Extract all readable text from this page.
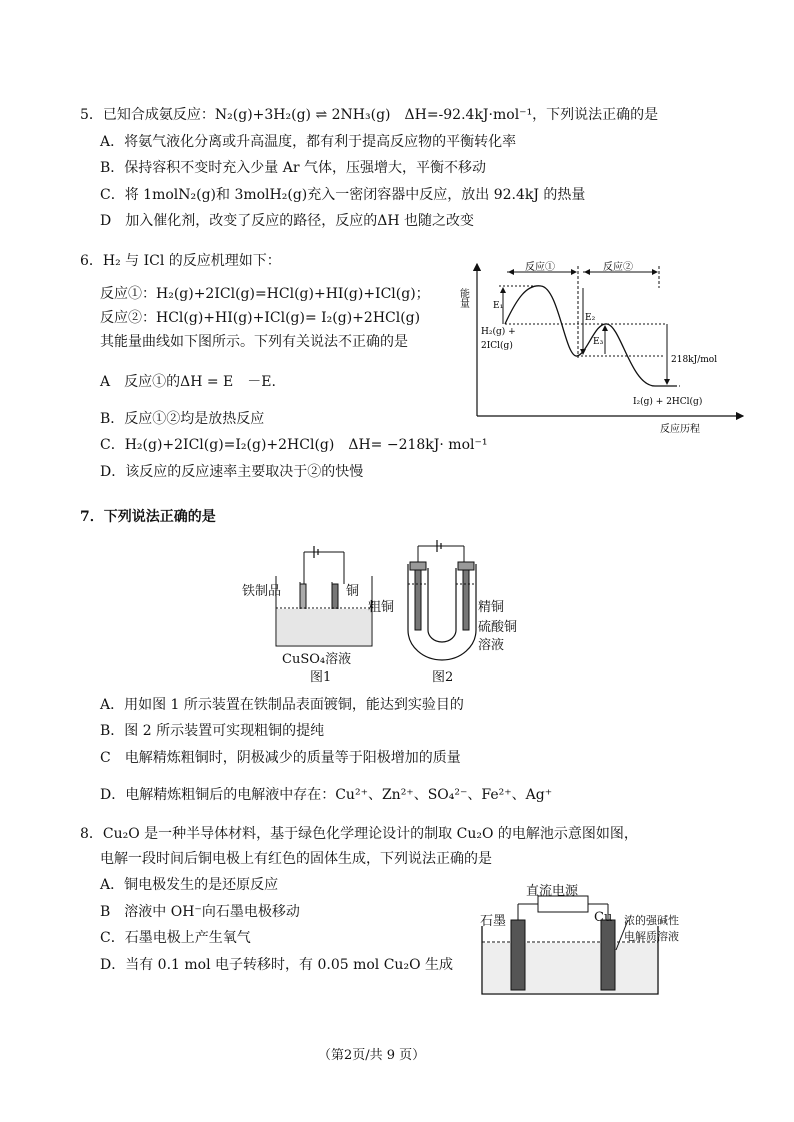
5．已知合成氨反应：N₂(g)+3H₂(g) ⇌ 2NH₃(g)　ΔH=-92.4kJ·mol⁻¹，下列说法正确的是
A．将氨气液化分离或升高温度，都有利于提高反应物的平衡转化率
B．保持容积不变时充入少量 Ar 气体，压强增大，平衡不移动
C．将 1molN₂(g)和 3molH₂(g)充入一密闭容器中反应，放出 92.4kJ 的热量
D　加入催化剂，改变了反应的路径，反应的ΔH 也随之改变
6．H₂ 与 ICl 的反应机理如下：
反应①：H₂(g)+2ICl(g)=HCl(g)+HI(g)+ICl(g)；
反应②：HCl(g)+HI(g)+ICl(g)= I₂(g)+2HCl(g)
其能量曲线如下图所示。下列有关说法不正确的是
A　反应①的ΔH = E　－E.
B．反应①②均是放热反应
C．H₂(g)+2ICl(g)=I₂(g)+2HCl(g)　ΔH= −218kJ· mol⁻¹
D．该反应的反应速率主要取决于②的快慢
能量
反应历程
反应①	反应②
E₁
E₂
E₃
218kJ/mol
H₂(g) +
2ICl(g)
I₂(g) + 2HCl(g)
7．下列说法正确的是
铁制品	铜
CuSO₄溶液
图1
粗铜	精铜
硫酸铜
溶液
图2
A．用如图 1 所示装置在铁制品表面镀铜，能达到实验目的
B．图 2 所示装置可实现粗铜的提纯
C　电解精炼粗铜时，阴极减少的质量等于阳极增加的质量
D．电解精炼粗铜后的电解液中存在：Cu²⁺、Zn²⁺、SO₄²⁻、Fe²⁺、Ag⁺
8．Cu₂O 是一种半导体材料，基于绿色化学理论设计的制取 Cu₂O 的电解池示意图如图，
电解一段时间后铜电极上有红色的固体生成，下列说法正确的是
A．铜电极发生的是还原反应
B　溶液中 OH⁻向石墨电极移动
C．石墨电极上产生氧气
D．当有 0.1 mol 电子转移时，有 0.05 mol Cu₂O 生成
直流电源
石墨	Cu 浓的强碱性
电解质溶液
（第2页/共 9 页）
